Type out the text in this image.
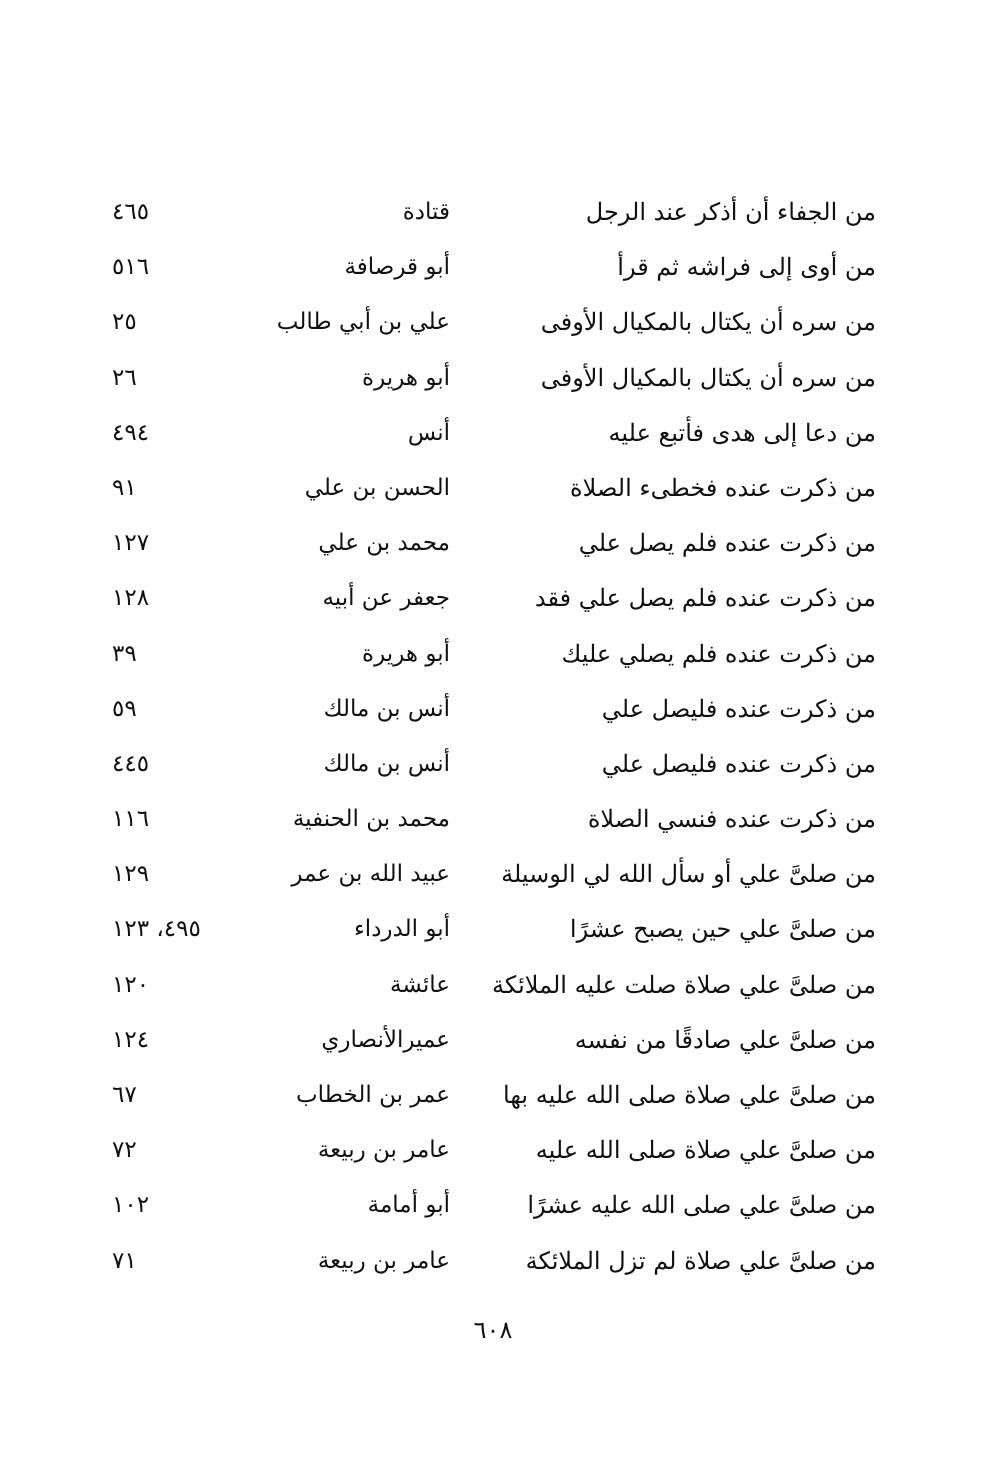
من الجفاء أن أذكر عند الرجل
قتادة
٤٦٥
من أوى إلى فراشه ثم قرأ
أبو قرصافة
٥١٦
من سره أن يكتال بالمكيال الأوفى
علي بن أبي طالب
٢٥
من سره أن يكتال بالمكيال الأوفى
أبو هريرة
٢٦
من دعا إلى هدى فأتبع عليه
أنس
٤٩٤
من ذكرت عنده فخطىء الصلاة
الحسن بن علي
٩١
من ذكرت عنده فلم يصل علي
محمد بن علي
١٢٧
من ذكرت عنده فلم يصل علي فقد
جعفر عن أبيه
١٢٨
من ذكرت عنده فلم يصلي عليك
أبو هريرة
٣٩
من ذكرت عنده فليصل علي
أنس بن مالك
٥٩
من ذكرت عنده فليصل علي
أنس بن مالك
٤٤٥
من ذكرت عنده فنسي الصلاة
محمد بن الحنفية
١١٦
من صلىَّ علي أو سأل الله لي الوسيلة
عبيد الله بن عمر
١٢٩
من صلىَّ علي حين يصبح عشرًا
أبو الدرداء
٤٩٥، ١٢٣
من صلىَّ علي صلاة صلت عليه الملائكة
عائشة
١٢٠
من صلىَّ علي صادقًا من نفسه
عميرالأنصاري
١٢٤
من صلىَّ علي صلاة صلى الله عليه بها
عمر بن الخطاب
٦٧
من صلىَّ علي صلاة صلى الله عليه
عامر بن ربيعة
٧٢
من صلىَّ علي صلى الله عليه عشرًا
أبو أمامة
١٠٢
من صلىَّ علي صلاة لم تزل الملائكة
عامر بن ربيعة
٧١
٦٠٨
